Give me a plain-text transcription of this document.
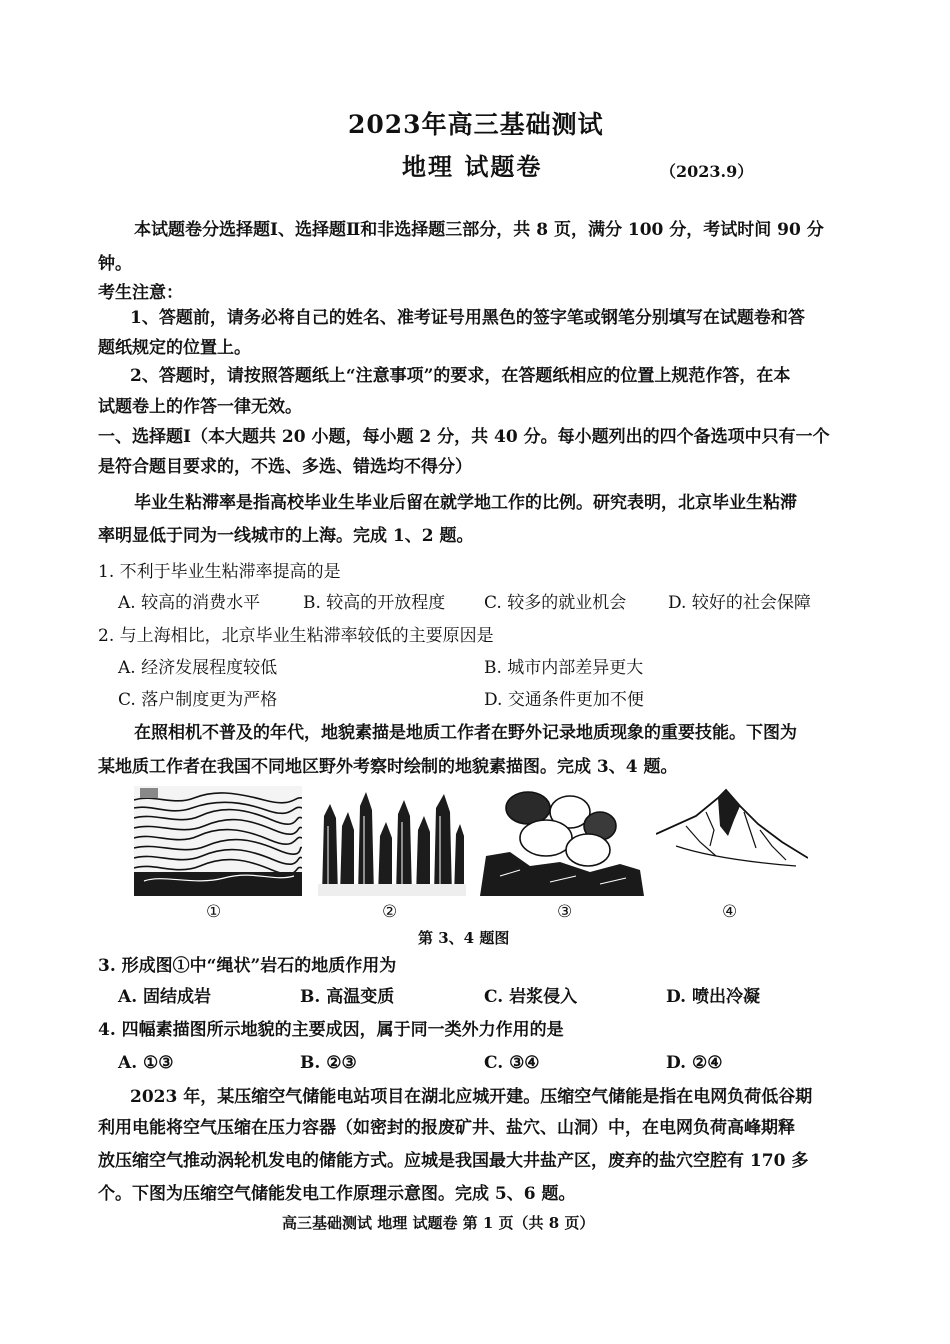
2023年高三基础测试
地理 试题卷	（2023.9）
本试题卷分选择题Ⅰ、选择题Ⅱ和非选择题三部分，共 8 页，满分 100 分，考试时间 90 分
钟。
考生注意：
1、答题前，请务必将自己的姓名、准考证号用黑色的签字笔或钢笔分别填写在试题卷和答
题纸规定的位置上。
2、答题时，请按照答题纸上“注意事项”的要求，在答题纸相应的位置上规范作答，在本
试题卷上的作答一律无效。
一、选择题Ⅰ（本大题共 20 小题，每小题 2 分，共 40 分。每小题列出的四个备选项中只有一个
是符合题目要求的，不选、多选、错选均不得分）
毕业生粘滞率是指高校毕业生毕业后留在就学地工作的比例。研究表明，北京毕业生粘滞
率明显低于同为一线城市的上海。完成 1、2 题。
1. 不利于毕业生粘滞率提高的是
A. 较高的消费水平	B. 较高的开放程度 C. 较多的就业机会 D. 较好的社会保障
2. 与上海相比，北京毕业生粘滞率较低的主要原因是
A. 经济发展程度较低	B. 城市内部差异更大
C. 落户制度更为严格	D. 交通条件更加不便
在照相机不普及的年代，地貌素描是地质工作者在野外记录地质现象的重要技能。下图为
某地质工作者在我国不同地区野外考察时绘制的地貌素描图。完成 3、4 题。
①	②	③	④
第 3、4 题图
3. 形成图①中“绳状”岩石的地质作用为
A. 固结成岩	B. 高温变质	C. 岩浆侵入	D. 喷出冷凝
4. 四幅素描图所示地貌的主要成因，属于同一类外力作用的是
A. ①③	B. ②③	C. ③④	D. ②④
2023 年，某压缩空气储能电站项目在湖北应城开建。压缩空气储能是指在电网负荷低谷期
利用电能将空气压缩在压力容器（如密封的报废矿井、盐穴、山洞）中，在电网负荷高峰期释
放压缩空气推动涡轮机发电的储能方式。应城是我国最大井盐产区，废弃的盐穴空腔有 170 多
个。下图为压缩空气储能发电工作原理示意图。完成 5、6 题。
高三基础测试 地理 试题卷 第 1 页（共 8 页）
